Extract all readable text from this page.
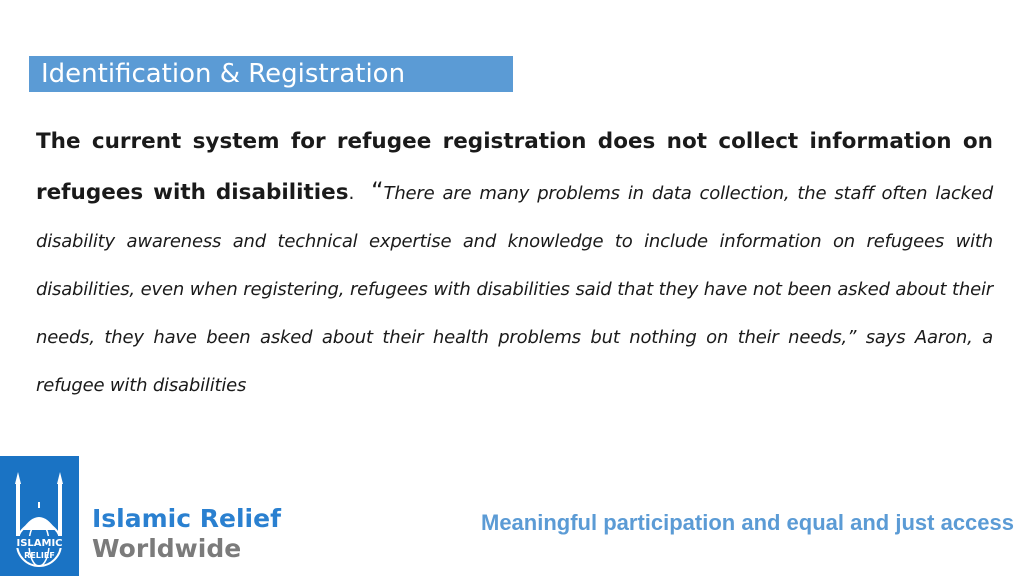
Identification & Registration
The current system for refugee registration does not collect information on refugees with disabilities. “There are many problems in data collection, the staff often lacked disability awareness and technical expertise and knowledge to include information on refugees with disabilities, even when registering, refugees with disabilities said that they have not been asked about their needs, they have been asked about their health problems but nothing on their needs,” says Aaron, a refugee with disabilities
ISLAMIC
RELIEF
Islamic Relief
Worldwide
Meaningful participation and equal and just access
